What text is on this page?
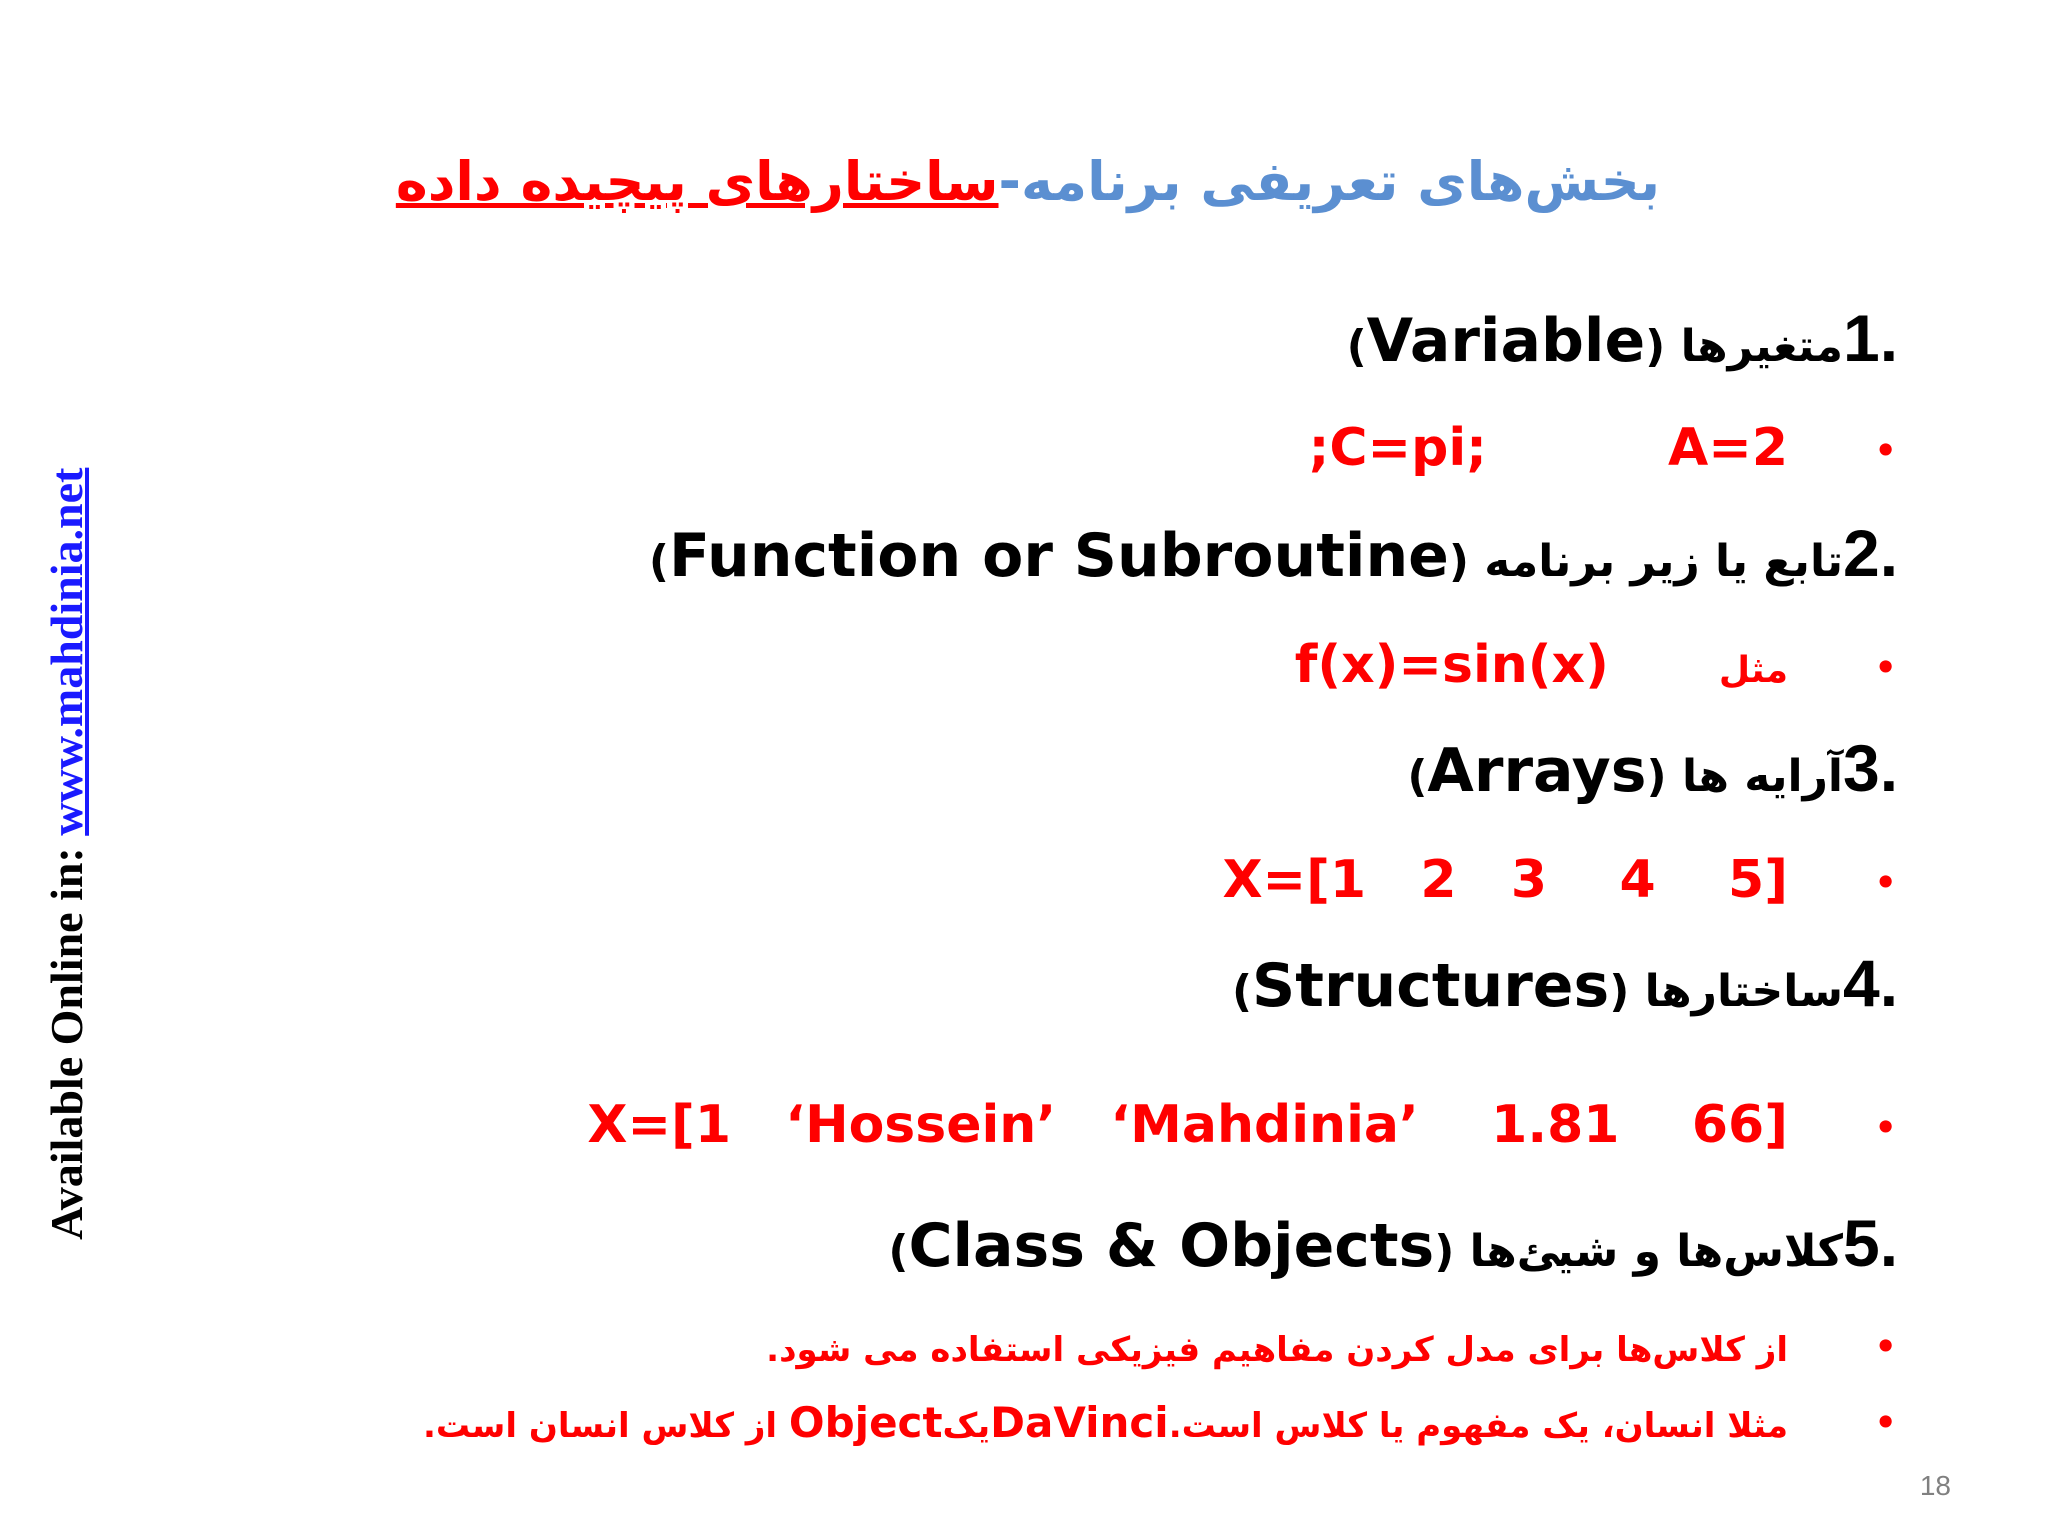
Available Online in: www.mahdinia.net
بخش‌های تعریفی برنامه-ساختارهای پیچیده داده
1.متغیرها (Variable)
•C=pi;          A=2;
2.تابع یا زیر برنامه (Function or Subroutine)
•مثلf(x)=sin(x)
3.آرایه ها (Arrays)
•X=[1   2   3    4    5]
4.ساختارها (Structures)
•X=[1   ‘Hossein’   ‘Mahdinia’    1.81    66]
5.کلاس‌ها و شیئ‌ها (Class & Objects)
•از کلاس‌ها برای مدل کردن مفاهیم فیزیکی استفاده می شود.
•مثلا انسان، یک مفهوم یا کلاس است.DaVinciیکObject از کلاس انسان است.
18
